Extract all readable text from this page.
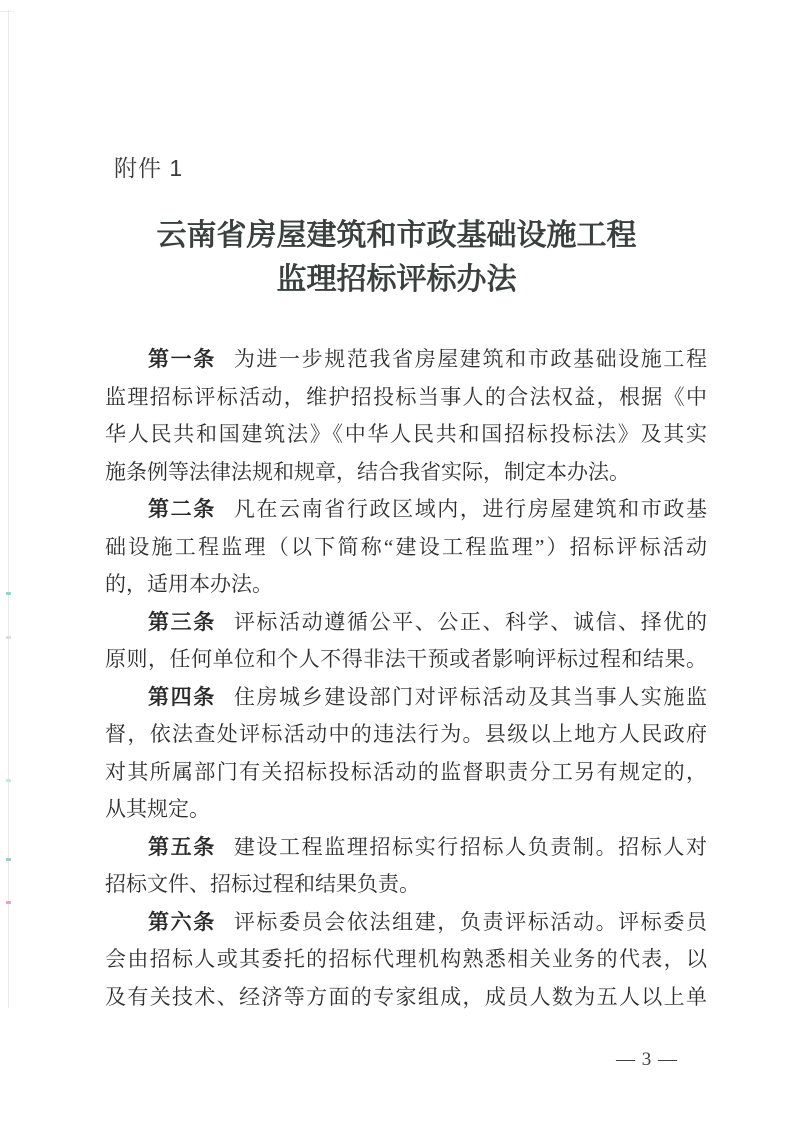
附件 1
云南省房屋建筑和市政基础设施工程
监理招标评标办法
第一条 为进一步规范我省房屋建筑和市政基础设施工程
监理招标评标活动，维护招投标当事人的合法权益，根据《中
华人民共和国建筑法》《中华人民共和国招标投标法》及其实
施条例等法律法规和规章，结合我省实际，制定本办法。
第二条 凡在云南省行政区域内，进行房屋建筑和市政基
础设施工程监理（以下简称“建设工程监理”）招标评标活动
的，适用本办法。
第三条 评标活动遵循公平、公正、科学、诚信、择优的
原则，任何单位和个人不得非法干预或者影响评标过程和结果。
第四条 住房城乡建设部门对评标活动及其当事人实施监
督，依法查处评标活动中的违法行为。县级以上地方人民政府
对其所属部门有关招标投标活动的监督职责分工另有规定的，
从其规定。
第五条 建设工程监理招标实行招标人负责制。招标人对
招标文件、招标过程和结果负责。
第六条 评标委员会依法组建，负责评标活动。评标委员
会由招标人或其委托的招标代理机构熟悉相关业务的代表，以
及有关技术、经济等方面的专家组成，成员人数为五人以上单
— 3 —
